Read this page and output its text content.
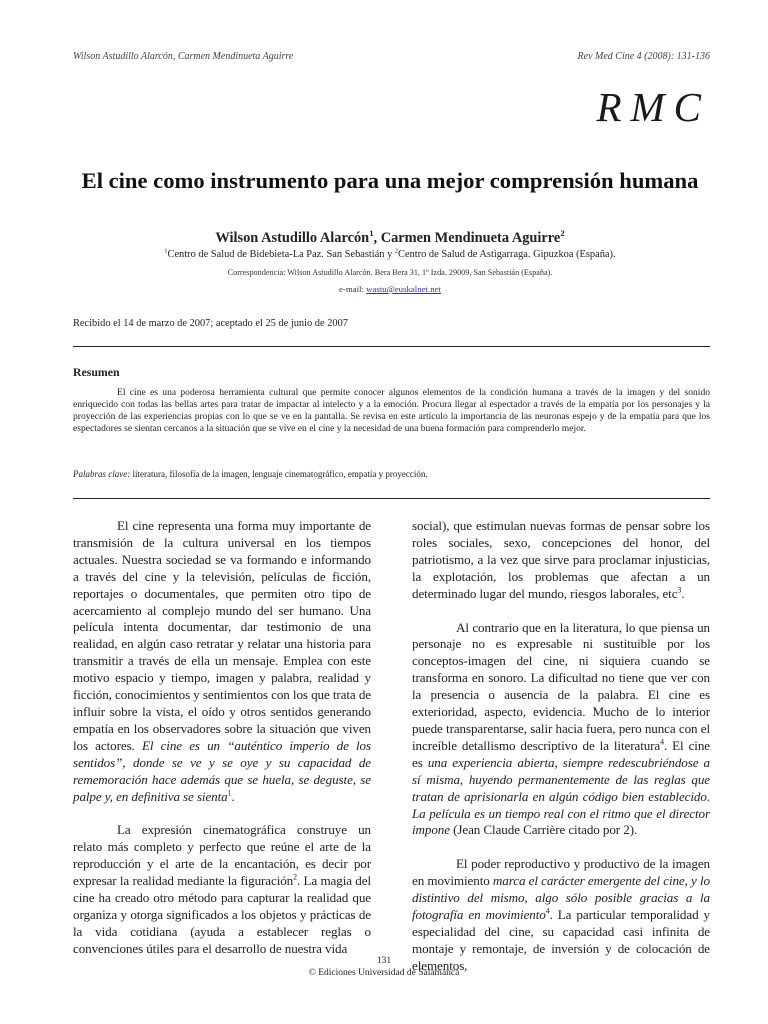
Wilson Astudillo Alarcón, Carmen Mendinueta Aguirre	Rev Med Cine 4 (2008): 131-136
RMC
El cine como instrumento para una mejor comprensión humana
Wilson Astudillo Alarcón$^1$, Carmen Mendinueta Aguirre$^2$
$^1$Centro de Salud de Bidebieta-La Paz. San Sebastián y $^2$Centro de Salud de Astigarraga. Gipuzkoa (España).
Correspondencia: Wilson Astudillo Alarcón. Bera Bera 31, 1º Izda. 29009, San Sebastián (España).
e-mail: wastu@euskalnet.net
Recibido el 14 de marzo de 2007; aceptado el 25 de junio de 2007
Resumen
El cine es una poderosa herramienta cultural que permite conocer algunos elementos de la condición humana a través de la imagen y del sonido enriquecido con todas las bellas artes para tratar de impactar al intelecto y a la emoción. Procura llegar al espectador a través de la empatía por los personajes y la proyección de las experiencias propias con lo que se ve en la pantalla. Se revisa en este artículo la importancia de las neuronas espejo y de la empatía para que los espectadores se sientan cercanos a la situación que se vive en el cine y la necesidad de una buena formación para comprenderlo mejor.
Palabras clave: literatura, filosofía de la imagen, lenguaje cinematográfico, empatía y proyección.

El cine representa una forma muy importante de transmisión de la cultura universal en los tiempos actuales. Nuestra sociedad se va formando e informando a través del cine y la televisión, películas de ficción, reportajes o documentales, que permiten otro tipo de acercamiento al complejo mundo del ser humano. Una película intenta documentar, dar testimonio de una realidad, en algún caso retratar y relatar una historia para transmitir a través de ella un mensaje. Emplea con este motivo espacio y tiempo, imagen y palabra, realidad y ficción, conocimientos y sentimientos con los que trata de influir sobre la vista, el oído y otros sentidos generando empatía en los observadores sobre la situación que viven los actores. El cine es un “auténtico imperio de los sentidos”, donde se ve y se oye y su capacidad de rememoración hace además que se huela, se deguste, se palpe y, en definitiva se sienta$^1$.

La expresión cinematográfica construye un relato más completo y perfecto que reúne el arte de la reproducción y el arte de la encantación, es decir por expresar la realidad mediante la figuración$^2$. La magia del cine ha creado otro método para capturar la realidad que organiza y otorga significados a los objetos y prácticas de la vida cotidiana (ayuda a establecer reglas o convenciones útiles para el desarrollo de nuestra vida

social), que estimulan nuevas formas de pensar sobre los roles sociales, sexo, concepciones del honor, del patriotismo, a la vez que sirve para proclamar injusticias, la explotación, los problemas que afectan a un determinado lugar del mundo, riesgos laborales, etc$^3$.

Al contrario que en la literatura, lo que piensa un personaje no es expresable ni sustituible por los conceptos-imagen del cine, ni siquiera cuando se transforma en sonoro. La dificultad no tiene que ver con la presencia o ausencia de la palabra. El cine es exterioridad, aspecto, evidencia. Mucho de lo interior puede transparentarse, salir hacia fuera, pero nunca con el increíble detallismo descriptivo de la literatura$^4$. El cine es una experiencia abierta, siempre redescubriéndose a sí misma, huyendo permanentemente de las reglas que tratan de aprisionarla en algún código bien establecido. La película es un tiempo real con el ritmo que el director impone (Jean Claude Carrière citado por 2).

El poder reproductivo y productivo de la imagen en movimiento marca el carácter emergente del cine, y lo distintivo del mismo, algo sólo posible gracias a la fotografía en movimiento$^4$. La particular temporalidad y especialidad del cine, su capacidad casi infinita de montaje y remontaje, de inversión y de colocación de elementos,

131
© Ediciones Universidad de Salamanca
